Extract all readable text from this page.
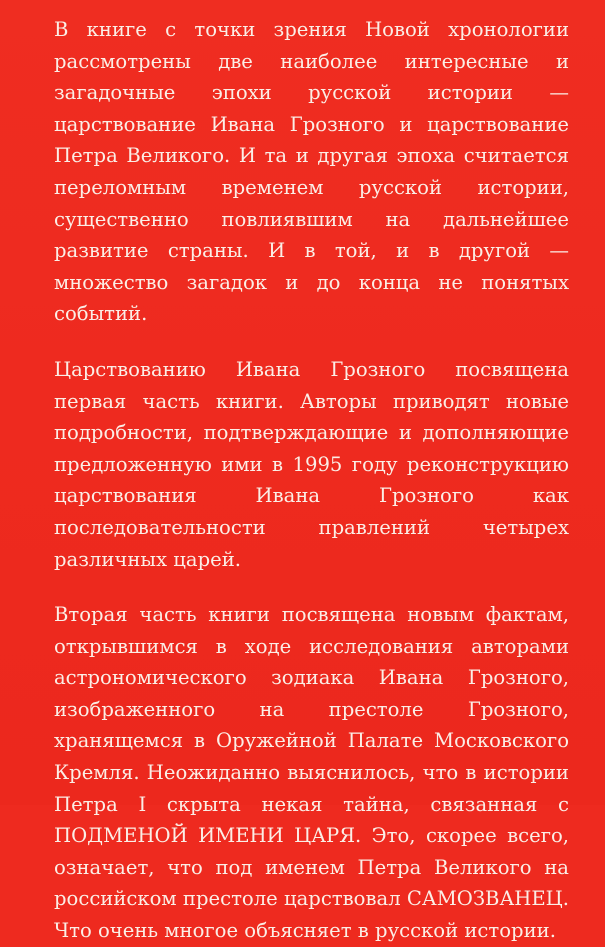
В книге с точки зрения Новой хронологии рассмотрены две наиболее интересные и загадочные эпохи русской истории — царствование Ивана Грозного и царствование Петра Великого. И та и другая эпоха считается переломным временем русской истории, существенно повлиявшим на дальнейшее развитие страны. И в той, и в другой — множество загадок и до конца не понятых событий.

Царствованию Ивана Грозного посвящена первая часть книги. Авторы приводят новые подробности, подтверждающие и дополняющие предложенную ими в 1995 году реконструкцию царствования Ивана Грозного как последовательности правлений четырех различных царей.

Вторая часть книги посвящена новым фактам, открывшимся в ходе исследования авторами астрономического зодиака Ивана Грозного, изображенного на престоле Грозного, хранящемся в Оружейной Палате Московского Кремля. Неожиданно выяснилось, что в истории Петра I скрыта некая тайна, связанная с ПОДМЕНОЙ ИМЕНИ ЦАРЯ. Это, скорее всего, означает, что под именем Петра Великого на российском престоле царствовал САМОЗВАНЕЦ. Что очень многое объясняет в русской истории.
